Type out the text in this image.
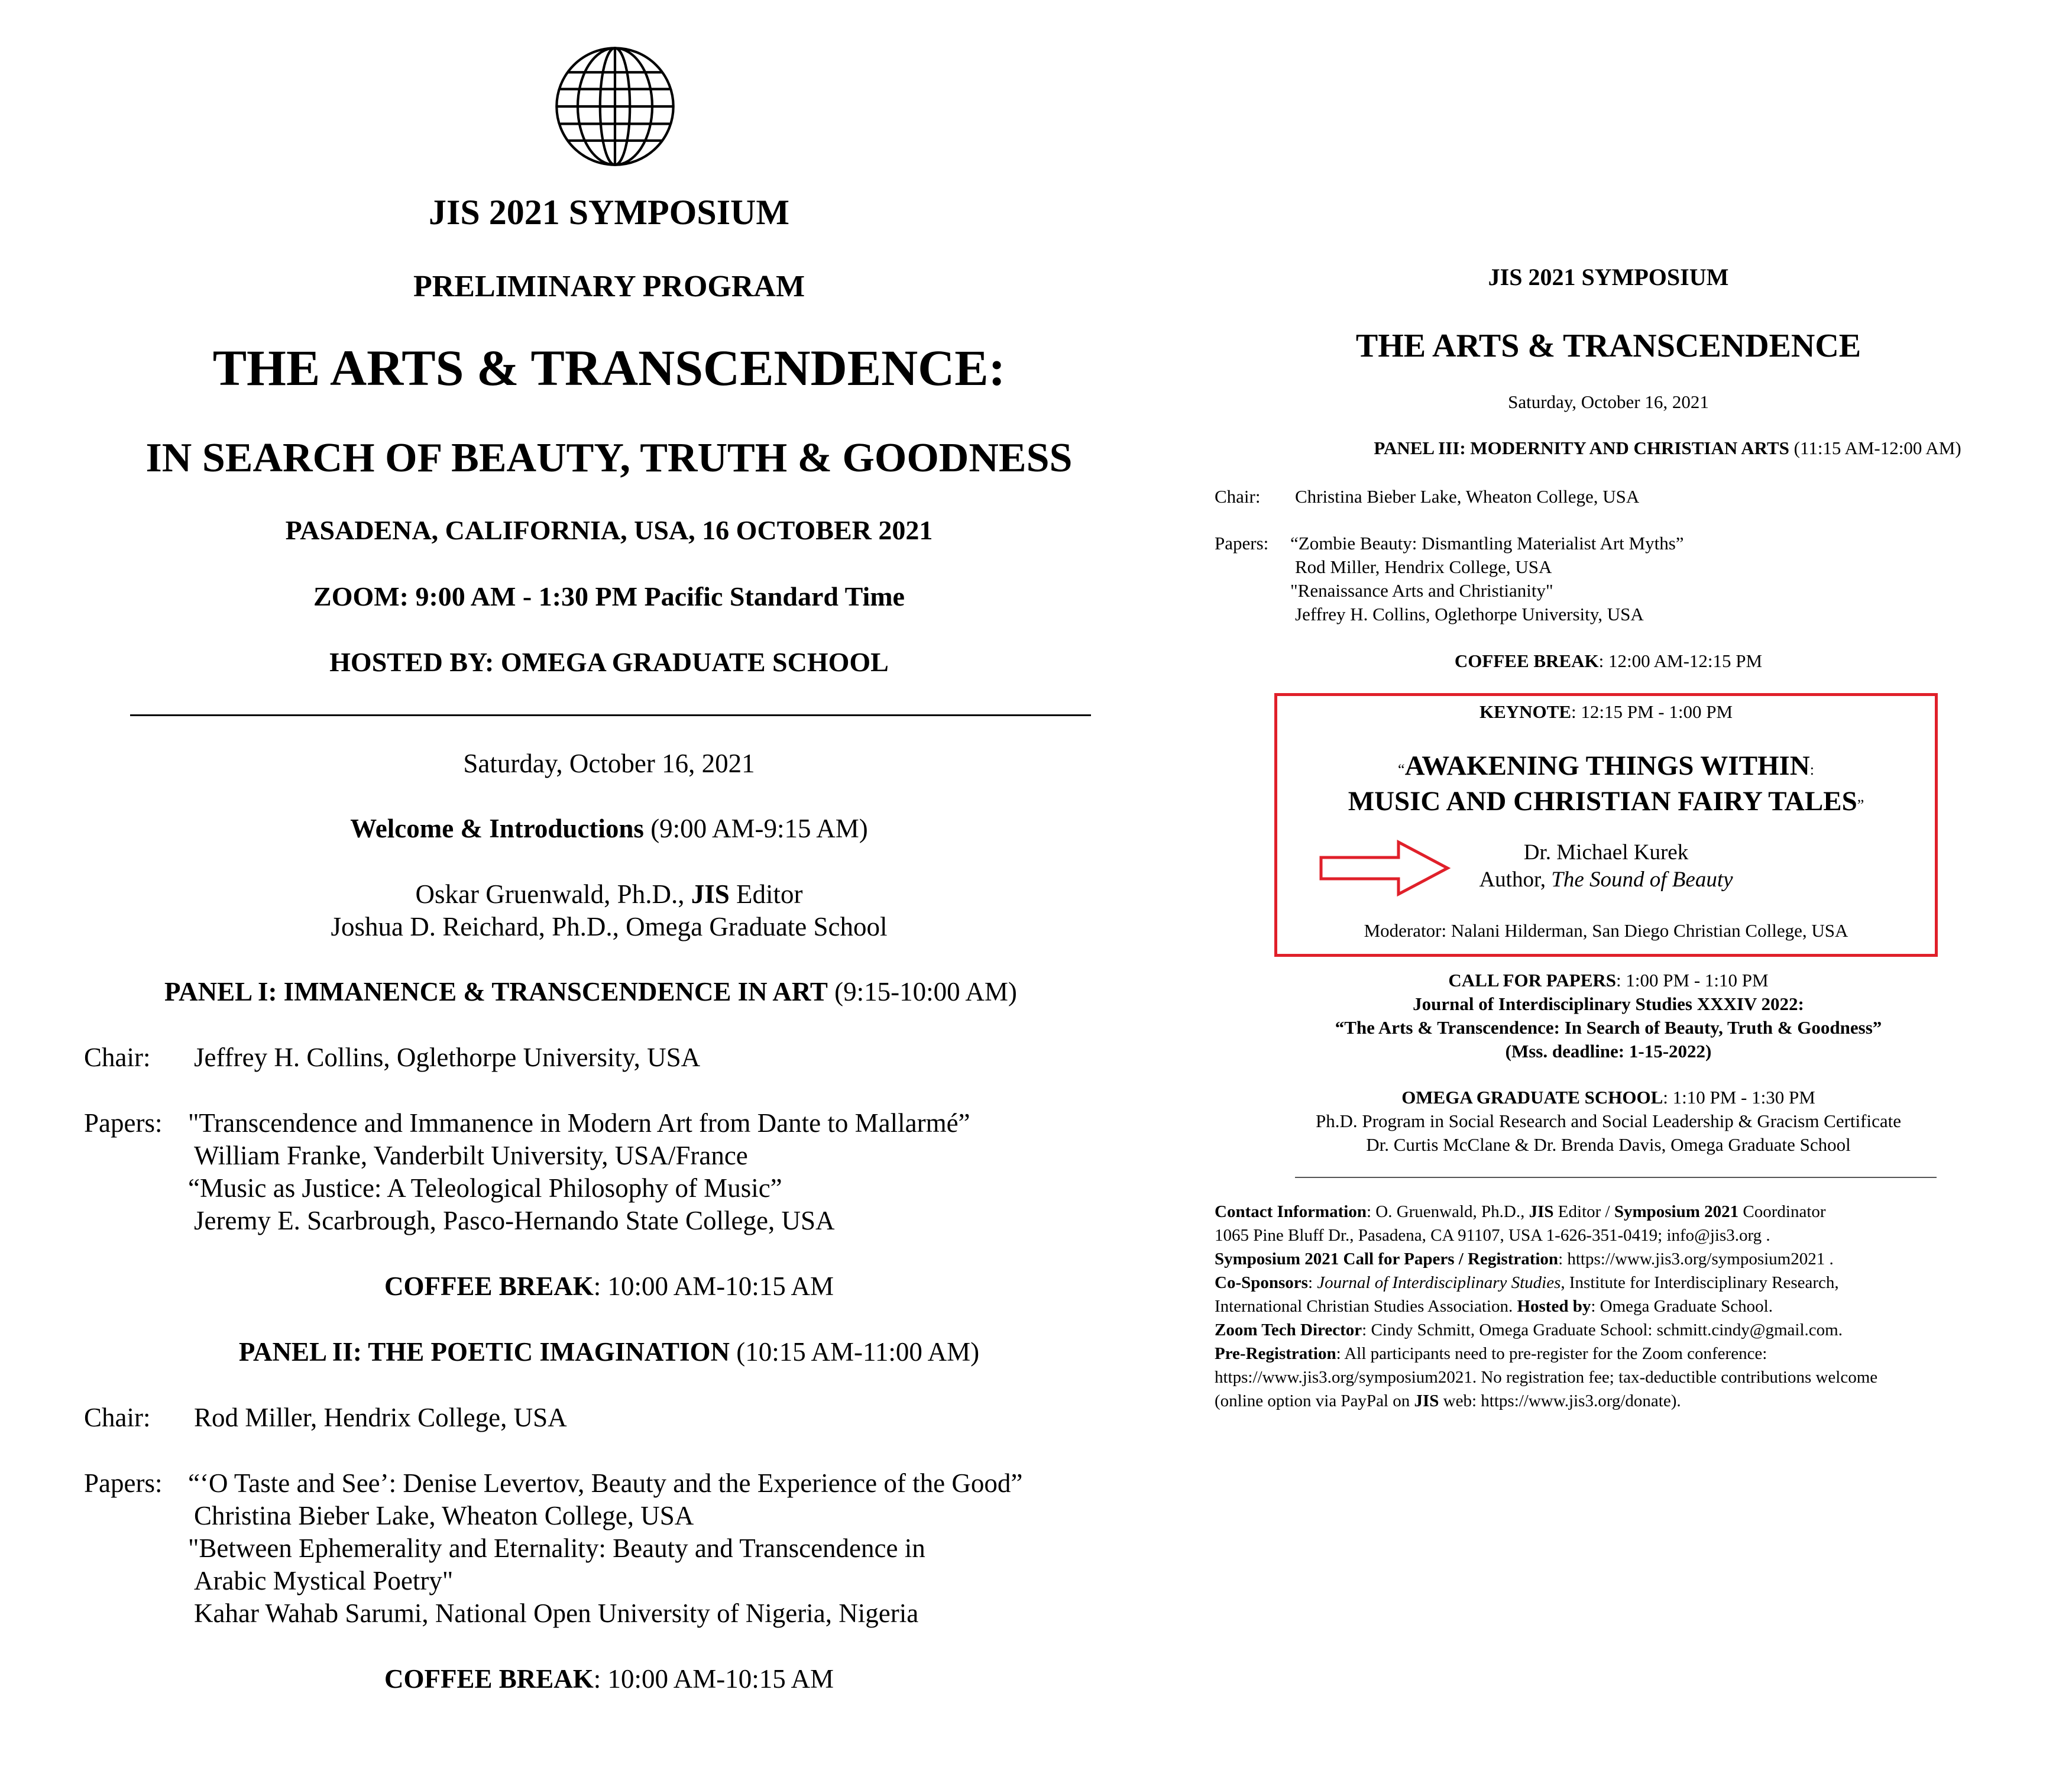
JIS 2021 SYMPOSIUM
PRELIMINARY PROGRAM
THE ARTS & TRANSCENDENCE:
IN SEARCH OF BEAUTY, TRUTH & GOODNESS
PASADENA, CALIFORNIA, USA, 16 OCTOBER 2021
ZOOM: 9:00 AM - 1:30 PM Pacific Standard Time
HOSTED BY: OMEGA GRADUATE SCHOOL
Saturday, October 16, 2021
Welcome & Introductions (9:00 AM-9:15 AM)
Oskar Gruenwald, Ph.D., JIS Editor
Joshua D. Reichard, Ph.D., Omega Graduate School
PANEL I: IMMANENCE & TRANSCENDENCE IN ART (9:15-10:00 AM)
Chair: Jeffrey H. Collins, Oglethorpe University, USA
Papers: "Transcendence and Immanence in Modern Art from Dante to Mallarmé”
William Franke, Vanderbilt University, USA/France
“Music as Justice: A Teleological Philosophy of Music”
Jeremy E. Scarbrough, Pasco-Hernando State College, USA
COFFEE BREAK: 10:00 AM-10:15 AM
PANEL II: THE POETIC IMAGINATION (10:15 AM-11:00 AM)
Chair: Rod Miller, Hendrix College, USA
Papers: “‘O Taste and See’: Denise Levertov, Beauty and the Experience of the Good”
Christina Bieber Lake, Wheaton College, USA
"Between Ephemerality and Eternality: Beauty and Transcendence in
Arabic Mystical Poetry"
Kahar Wahab Sarumi, National Open University of Nigeria, Nigeria
COFFEE BREAK: 10:00 AM-10:15 AM
JIS 2021 SYMPOSIUM
THE ARTS & TRANSCENDENCE
Saturday, October 16, 2021
PANEL III: MODERNITY AND CHRISTIAN ARTS (11:15 AM-12:00 AM)
Chair: Christina Bieber Lake, Wheaton College, USA
Papers: “Zombie Beauty: Dismantling Materialist Art Myths”
Rod Miller, Hendrix College, USA
"Renaissance Arts and Christianity"
Jeffrey H. Collins, Oglethorpe University, USA
COFFEE BREAK: 12:00 AM-12:15 PM
KEYNOTE: 12:15 PM - 1:00 PM
“AWAKENING THINGS WITHIN:
MUSIC AND CHRISTIAN FAIRY TALES”
Dr. Michael Kurek
Author, The Sound of Beauty
Moderator: Nalani Hilderman, San Diego Christian College, USA
CALL FOR PAPERS: 1:00 PM - 1:10 PM
Journal of Interdisciplinary Studies XXXIV 2022:
“The Arts & Transcendence: In Search of Beauty, Truth & Goodness”
(Mss. deadline: 1-15-2022)
OMEGA GRADUATE SCHOOL: 1:10 PM - 1:30 PM
Ph.D. Program in Social Research and Social Leadership & Gracism Certificate
Dr. Curtis McClane & Dr. Brenda Davis, Omega Graduate School
Contact Information: O. Gruenwald, Ph.D., JIS Editor / Symposium 2021 Coordinator
1065 Pine Bluff Dr., Pasadena, CA 91107, USA 1-626-351-0419; info@jis3.org .
Symposium 2021 Call for Papers / Registration: https://www.jis3.org/symposium2021 .
Co-Sponsors: Journal of Interdisciplinary Studies, Institute for Interdisciplinary Research,
International Christian Studies Association. Hosted by: Omega Graduate School.
Zoom Tech Director: Cindy Schmitt, Omega Graduate School: schmitt.cindy@gmail.com.
Pre-Registration: All participants need to pre-register for the Zoom conference:
https://www.jis3.org/symposium2021. No registration fee; tax-deductible contributions welcome
(online option via PayPal on JIS web: https://www.jis3.org/donate).
